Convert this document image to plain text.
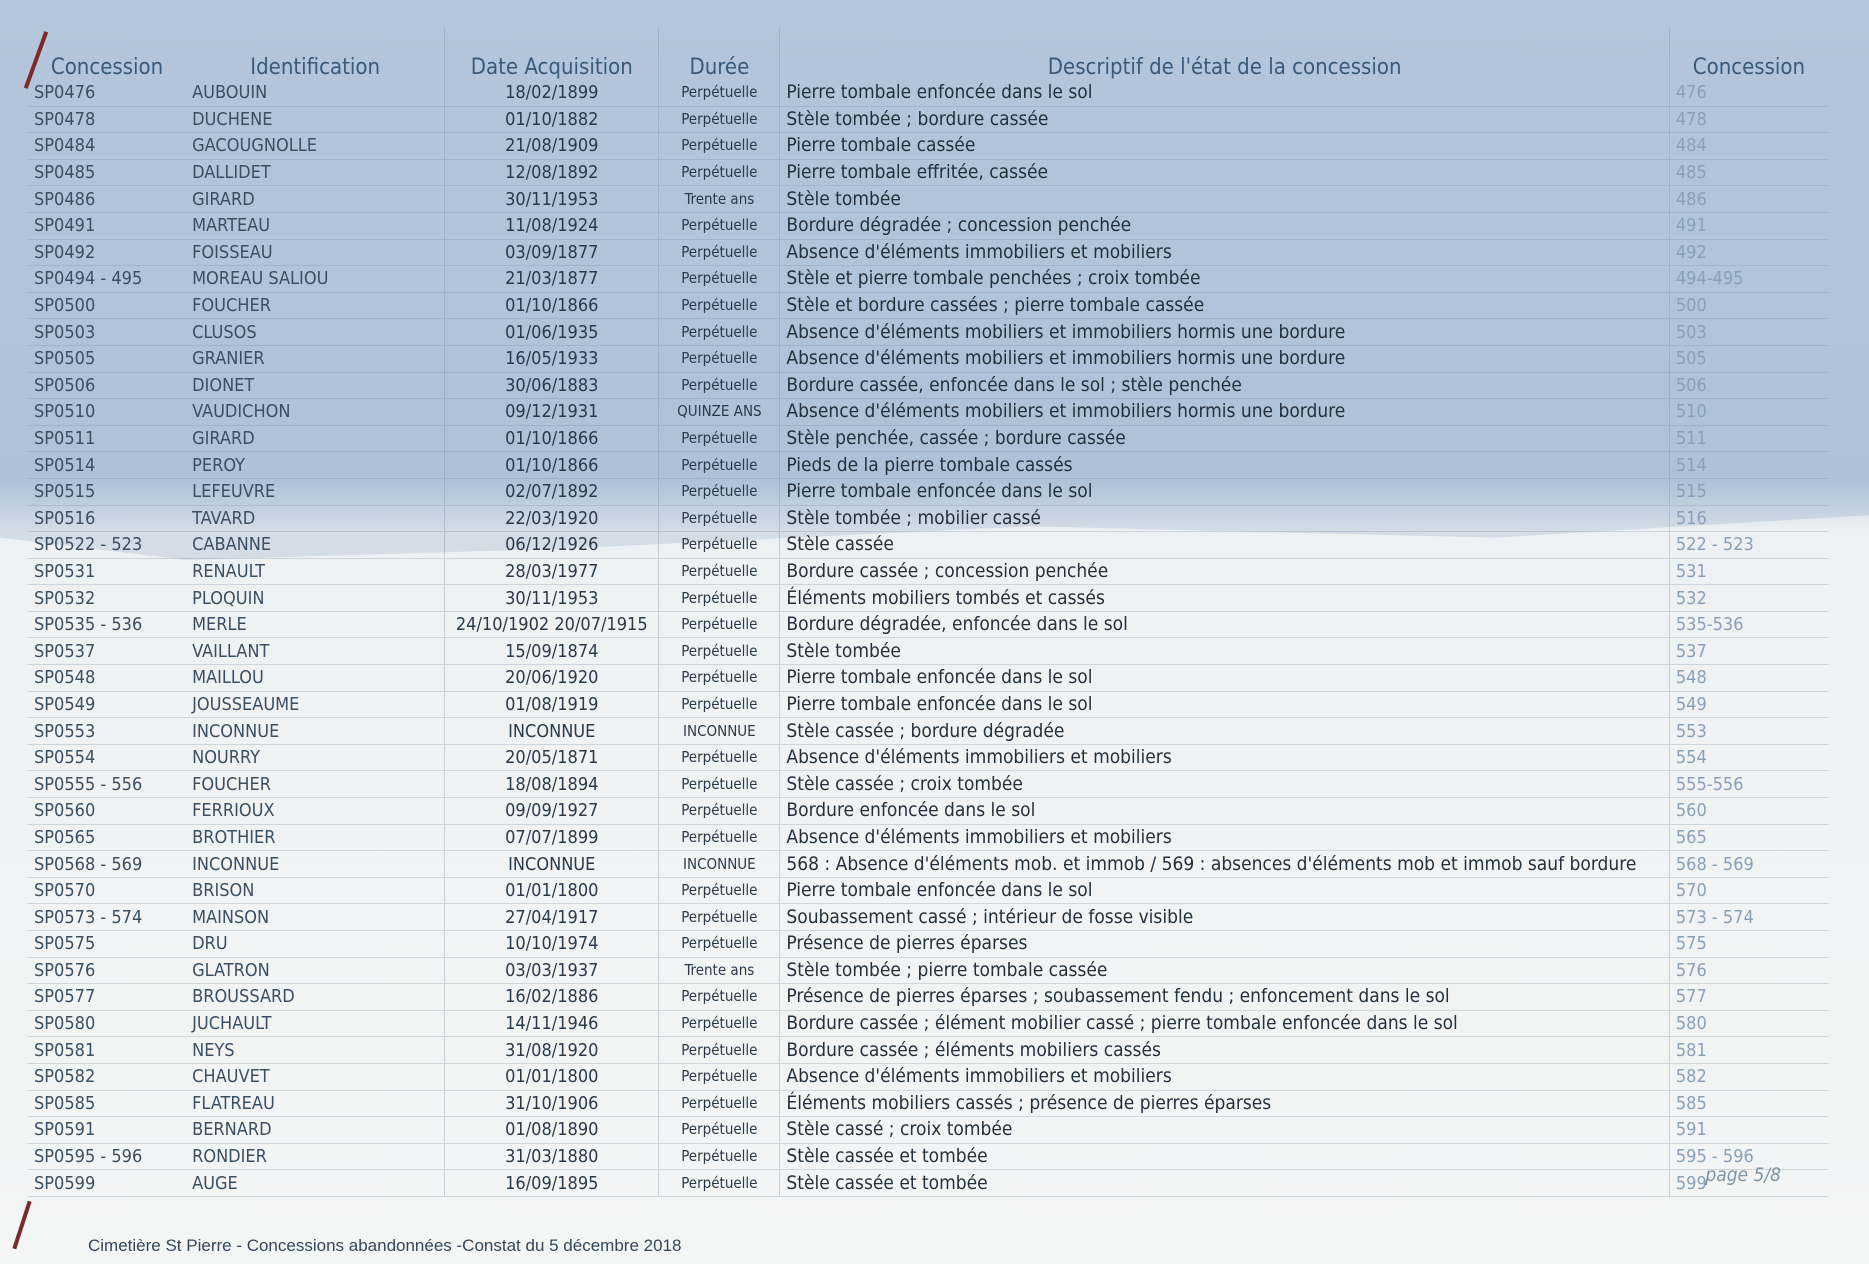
Concession	Identification	Date Acquisition	Durée	Descriptif de l'état de la concession	Concession
SP0476	AUBOUIN	18/02/1899	Perpétuelle	Pierre tombale enfoncée dans le sol	476
SP0478	DUCHENE	01/10/1882	Perpétuelle	Stèle tombée ; bordure cassée	478
SP0484	GACOUGNOLLE	21/08/1909	Perpétuelle	Pierre tombale cassée	484
SP0485	DALLIDET	12/08/1892	Perpétuelle	Pierre tombale effritée, cassée	485
SP0486	GIRARD	30/11/1953	Trente ans	Stèle tombée	486
SP0491	MARTEAU	11/08/1924	Perpétuelle	Bordure dégradée ; concession penchée	491
SP0492	FOISSEAU	03/09/1877	Perpétuelle	Absence d'éléments immobiliers et mobiliers	492
SP0494 - 495	MOREAU SALIOU	21/03/1877	Perpétuelle	Stèle et pierre tombale penchées ; croix tombée	494-495
SP0500	FOUCHER	01/10/1866	Perpétuelle	Stèle et bordure cassées ; pierre tombale cassée	500
SP0503	CLUSOS	01/06/1935	Perpétuelle	Absence d'éléments mobiliers et immobiliers hormis une bordure	503
SP0505	GRANIER	16/05/1933	Perpétuelle	Absence d'éléments mobiliers et immobiliers hormis une bordure	505
SP0506	DIONET	30/06/1883	Perpétuelle	Bordure cassée, enfoncée dans le sol ; stèle penchée	506
SP0510	VAUDICHON	09/12/1931	QUINZE ANS	Absence d'éléments mobiliers et immobiliers hormis une bordure	510
SP0511	GIRARD	01/10/1866	Perpétuelle	Stèle penchée, cassée ; bordure cassée	511
SP0514	PEROY	01/10/1866	Perpétuelle	Pieds de la pierre tombale cassés	514
SP0515	LEFEUVRE	02/07/1892	Perpétuelle	Pierre tombale enfoncée dans le sol	515
SP0516	TAVARD	22/03/1920	Perpétuelle	Stèle tombée ; mobilier cassé	516
SP0522 - 523	CABANNE	06/12/1926	Perpétuelle	Stèle cassée	522 - 523
SP0531	RENAULT	28/03/1977	Perpétuelle	Bordure cassée ; concession penchée	531
SP0532	PLOQUIN	30/11/1953	Perpétuelle	Éléments mobiliers tombés et cassés	532
SP0535 - 536	MERLE	24/10/1902 20/07/1915	Perpétuelle	Bordure dégradée, enfoncée dans le sol	535-536
SP0537	VAILLANT	15/09/1874	Perpétuelle	Stèle tombée	537
SP0548	MAILLOU	20/06/1920	Perpétuelle	Pierre tombale enfoncée dans le sol	548
SP0549	JOUSSEAUME	01/08/1919	Perpétuelle	Pierre tombale enfoncée dans le sol	549
SP0553	INCONNUE	INCONNUE	INCONNUE	Stèle cassée ; bordure dégradée	553
SP0554	NOURRY	20/05/1871	Perpétuelle	Absence d'éléments immobiliers et mobiliers	554
SP0555 - 556	FOUCHER	18/08/1894	Perpétuelle	Stèle cassée ; croix tombée	555-556
SP0560	FERRIOUX	09/09/1927	Perpétuelle	Bordure enfoncée dans le sol	560
SP0565	BROTHIER	07/07/1899	Perpétuelle	Absence d'éléments immobiliers et mobiliers	565
SP0568 - 569	INCONNUE	INCONNUE	INCONNUE	568 : Absence d'éléments mob. et immob / 569 : absences d'éléments mob et immob sauf bordure	568 - 569
SP0570	BRISON	01/01/1800	Perpétuelle	Pierre tombale enfoncée dans le sol	570
SP0573 - 574	MAINSON	27/04/1917	Perpétuelle	Soubassement cassé ; intérieur de fosse visible	573 - 574
SP0575	DRU	10/10/1974	Perpétuelle	Présence de pierres éparses	575
SP0576	GLATRON	03/03/1937	Trente ans	Stèle tombée ; pierre tombale cassée	576
SP0577	BROUSSARD	16/02/1886	Perpétuelle	Présence de pierres éparses ; soubassement fendu ; enfoncement dans le sol	577
SP0580	JUCHAULT	14/11/1946	Perpétuelle	Bordure cassée ; élément mobilier cassé ; pierre tombale enfoncée dans le sol	580
SP0581	NEYS	31/08/1920	Perpétuelle	Bordure cassée ; éléments mobiliers cassés	581
SP0582	CHAUVET	01/01/1800	Perpétuelle	Absence d'éléments immobiliers et mobiliers	582
SP0585	FLATREAU	31/10/1906	Perpétuelle	Éléments mobiliers cassés ; présence de pierres éparses	585
SP0591	BERNARD	01/08/1890	Perpétuelle	Stèle cassé ; croix tombée	591
SP0595 - 596	RONDIER	31/03/1880	Perpétuelle	Stèle cassée et tombée	595 - 596
SP0599	AUGE	16/09/1895	Perpétuelle	Stèle cassée et tombée	599
page 5/8
Cimetière St Pierre - Concessions abandonnées -Constat du 5 décembre 2018
